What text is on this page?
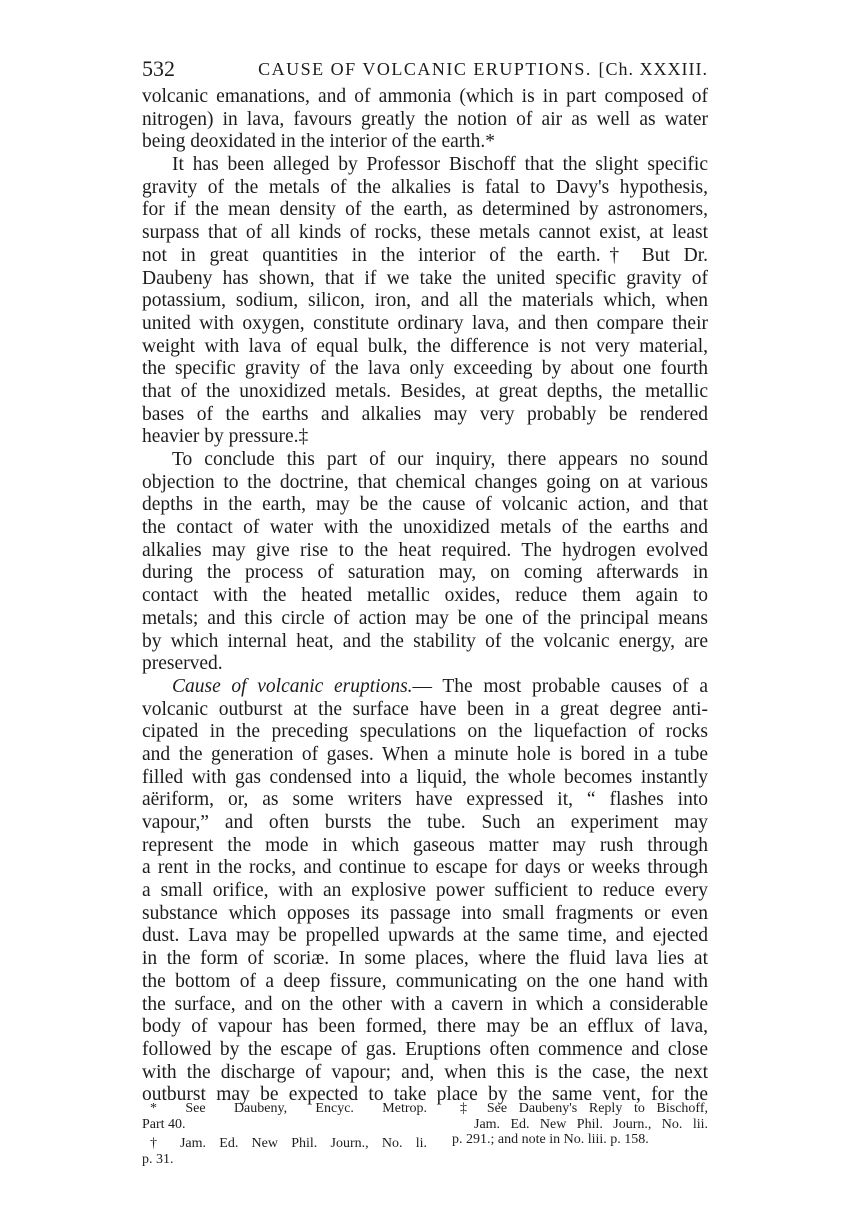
532	CAUSE OF VOLCANIC ERUPTIONS. [Ch. XXXIII.
volcanic emanations, and of ammonia (which is in part composed of
nitrogen) in lava, favours greatly the notion of air as well as water
being deoxidated in the interior of the earth.*
It has been alleged by Professor Bischoff that the slight specific
gravity of the metals of the alkalies is fatal to Davy's hypothesis,
for if the mean density of the earth, as determined by astronomers,
surpass that of all kinds of rocks, these metals cannot exist, at least
not in great quantities in the interior of the earth.† But Dr.
Daubeny has shown, that if we take the united specific gravity of
potassium, sodium, silicon, iron, and all the materials which, when
united with oxygen, constitute ordinary lava, and then compare their
weight with lava of equal bulk, the difference is not very material,
the specific gravity of the lava only exceeding by about one fourth
that of the unoxidized metals. Besides, at great depths, the metallic
bases of the earths and alkalies may very probably be rendered
heavier by pressure.‡
To conclude this part of our inquiry, there appears no sound
objection to the doctrine, that chemical changes going on at various
depths in the earth, may be the cause of volcanic action, and that
the contact of water with the unoxidized metals of the earths and
alkalies may give rise to the heat required. The hydrogen evolved
during the process of saturation may, on coming afterwards in
contact with the heated metallic oxides, reduce them again to
metals; and this circle of action may be one of the principal means
by which internal heat, and the stability of the volcanic energy, are
preserved.
Cause of volcanic eruptions.— The most probable causes of a
volcanic outburst at the surface have been in a great degree anti-
cipated in the preceding speculations on the liquefaction of rocks
and the generation of gases. When a minute hole is bored in a tube
filled with gas condensed into a liquid, the whole becomes instantly
aëriform, or, as some writers have expressed it, “ flashes into
vapour,” and often bursts the tube. Such an experiment may
represent the mode in which gaseous matter may rush through
a rent in the rocks, and continue to escape for days or weeks through
a small orifice, with an explosive power sufficient to reduce every
substance which opposes its passage into small fragments or even
dust. Lava may be propelled upwards at the same time, and ejected
in the form of scoriæ. In some places, where the fluid lava lies at
the bottom of a deep fissure, communicating on the one hand with
the surface, and on the other with a cavern in which a considerable
body of vapour has been formed, there may be an efflux of lava,
followed by the escape of gas. Eruptions often commence and close
with the discharge of vapour; and, when this is the case, the next
outburst may be expected to take place by the same vent, for the
* See Daubeny, Encyc. Metrop.
Part 40.
† Jam. Ed. New Phil. Journ., No. li.
p. 31.
‡ See Daubeny's Reply to Bischoff,
Jam. Ed. New Phil. Journ., No. lii.
p. 291.; and note in No. liii. p. 158.
